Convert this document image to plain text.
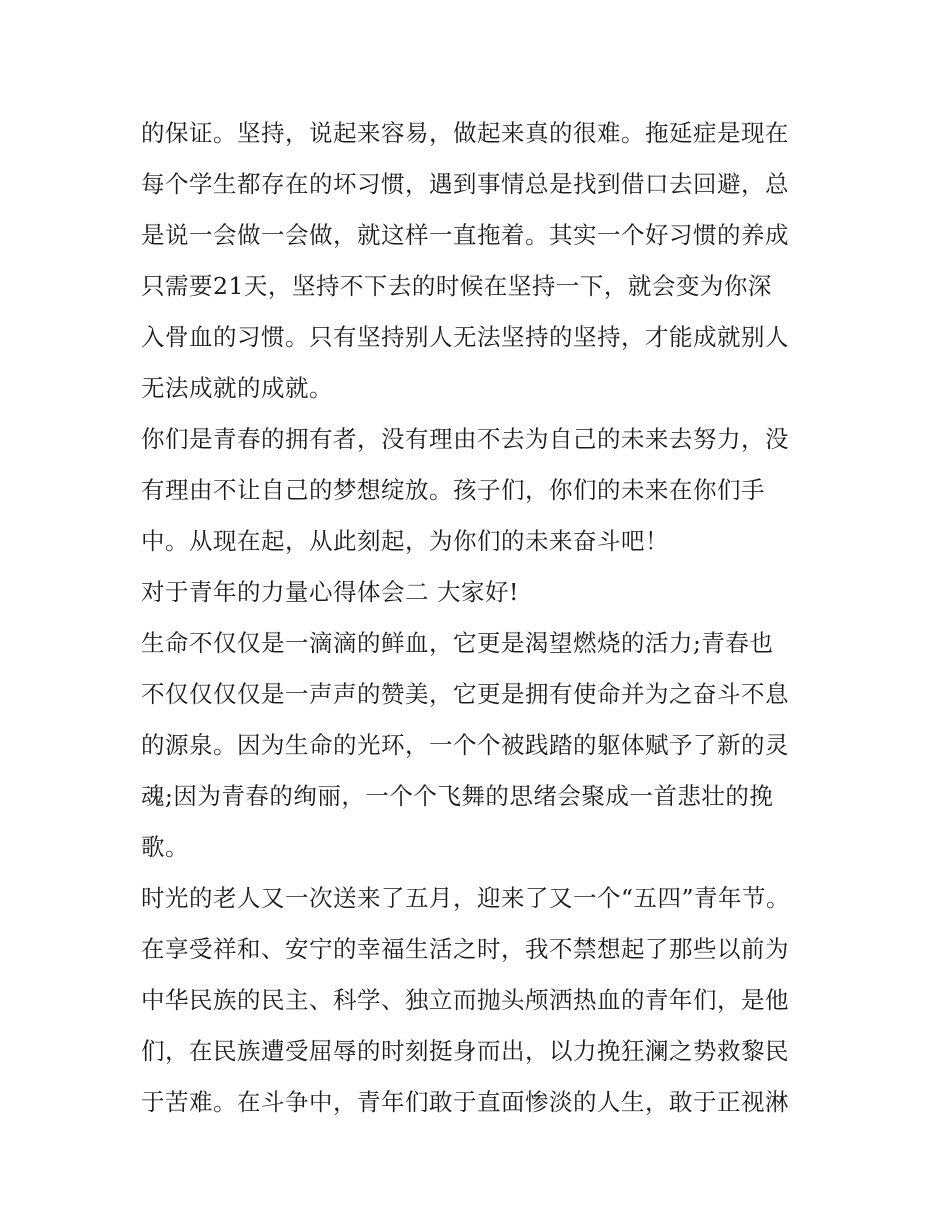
的保证。坚持，说起来容易，做起来真的很难。拖延症是现在
每个学生都存在的坏习惯，遇到事情总是找到借口去回避，总
是说一会做一会做，就这样一直拖着。其实一个好习惯的养成
只需要21天，坚持不下去的时候在坚持一下，就会变为你深
入骨血的习惯。只有坚持别人无法坚持的坚持，才能成就别人
无法成就的成就。
你们是青春的拥有者，没有理由不去为自己的未来去努力，没
有理由不让自己的梦想绽放。孩子们，你们的未来在你们手
中。从现在起，从此刻起，为你们的未来奋斗吧！
对于青年的力量心得体会二 大家好!
生命不仅仅是一滴滴的鲜血，它更是渴望燃烧的活力;青春也
不仅仅仅仅是一声声的赞美，它更是拥有使命并为之奋斗不息
的源泉。因为生命的光环，一个个被践踏的躯体赋予了新的灵
魂;因为青春的绚丽，一个个飞舞的思绪会聚成一首悲壮的挽
歌。
时光的老人又一次送来了五月，迎来了又一个“五四”青年节。
在享受祥和、安宁的幸福生活之时，我不禁想起了那些以前为
中华民族的民主、科学、独立而抛头颅洒热血的青年们，是他
们，在民族遭受屈辱的时刻挺身而出，以力挽狂澜之势救黎民
于苦难。在斗争中，青年们敢于直面惨淡的人生，敢于正视淋
